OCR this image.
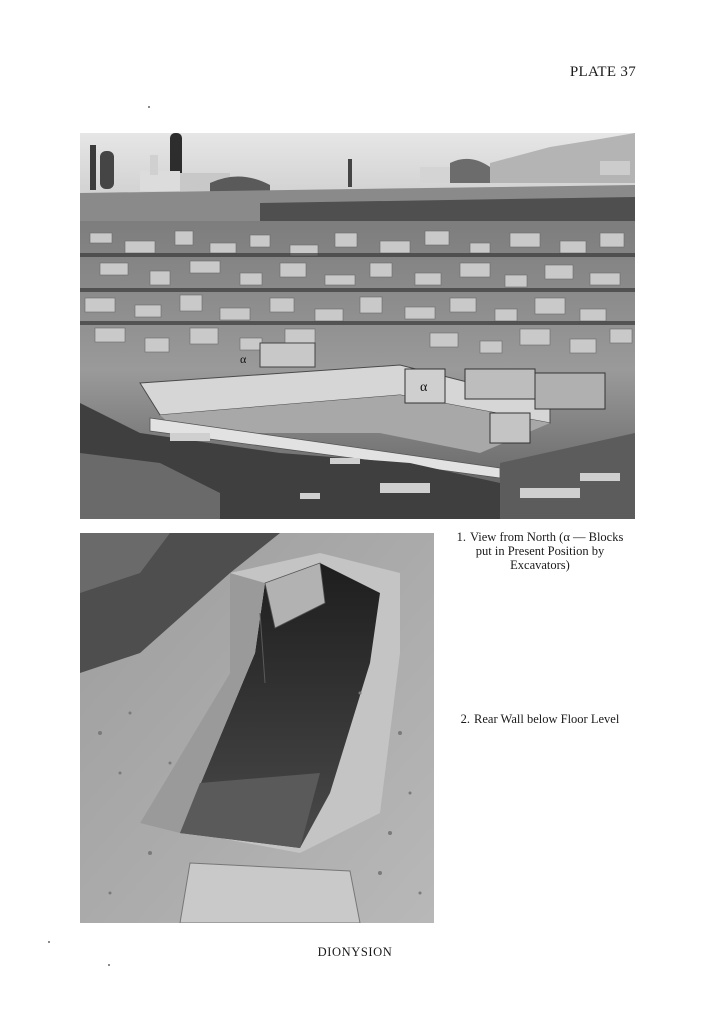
PLATE 37
α
α
1. View from North (α — Blocks
put in Present Position by
Excavators)
2. Rear Wall below Floor Level
DIONYSION
